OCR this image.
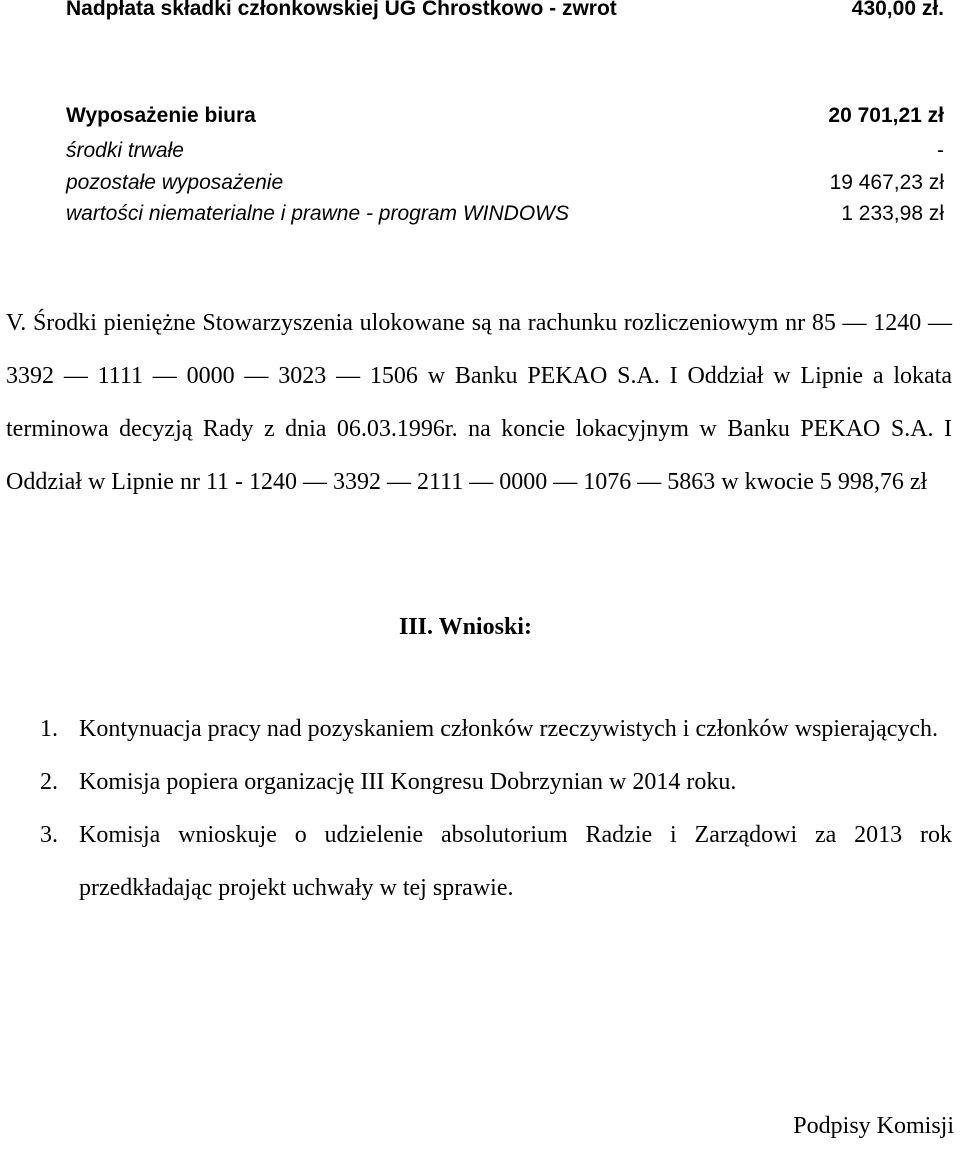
Nadpłata składki członkowskiej UG Chrostkowo - zwrot	430,00 zł.
Wyposażenie biura	20 701,21 zł
środki trwałe	-
pozostałe wyposażenie	19 467,23 zł
wartości niematerialne i prawne - program WINDOWS	1 233,98 zł

V. Środki pieniężne Stowarzyszenia ulokowane są na rachunku rozliczeniowym nr 85 — 1240 — 3392 — 1111 — 0000 — 3023 — 1506 w Banku PEKAO S.A. I Oddział w Lipnie a lokata terminowa decyzją Rady z dnia 06.03.1996r. na koncie lokacyjnym w Banku PEKAO S.A. I Oddział w Lipnie nr 11 - 1240 — 3392 — 2111 — 0000 — 1076 — 5863 w kwocie 5 998,76 zł

III. Wnioski:
1. Kontynuacja pracy nad pozyskaniem członków rzeczywistych i członków wspierających.
2. Komisja popiera organizację III Kongresu Dobrzynian w 2014 roku.
3. Komisja wnioskuje o udzielenie absolutorium Radzie i Zarządowi za 2013 rok przedkładając projekt uchwały w tej sprawie.
Podpisy Komisji
